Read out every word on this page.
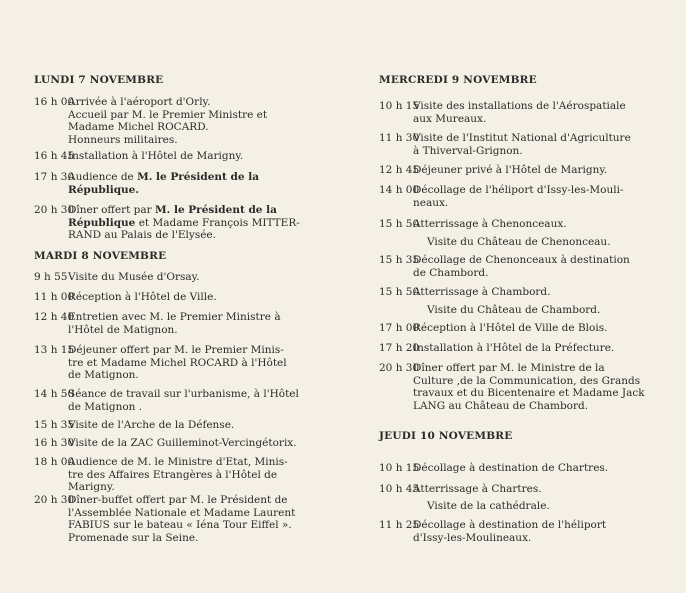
LUNDI 7 NOVEMBRE
16 h 00
Arrivée à l'aéroport d'Orly.
Accueil par M. le Premier Ministre et
Madame Michel ROCARD.
Honneurs militaires.
16 h 45
Installation à l'Hôtel de Marigny.
17 h 30
Audience de M. le Président de la
République.
20 h 30
Dîner offert par M. le Président de la
République et Madame François MITTER-
RAND au Palais de l'Elysée.
MARDI 8 NOVEMBRE
9 h 55 Visite du Musée d'Orsay.
11 h 00
Réception à l'Hôtel de Ville.
12 h 40
Entretien avec M. le Premier Ministre à
l'Hôtel de Matignon.
13 h 15
Déjeuner offert par M. le Premier Minis-
tre et Madame Michel ROCARD à l'Hôtel
de Matignon.
14 h 50
Séance de travail sur l'urbanisme, à l'Hôtel
de Matignon .
15 h 35
Visite de l'Arche de la Défense.
16 h 30
Visite de la ZAC Guilleminot-Vercingétorix.
18 h 00
Audience de M. le Ministre d'Etat, Minis-
tre des Affaires Etrangères à l'Hôtel de
Marigny.
20 h 30
Dîner-buffet offert par M. le Président de
l'Assemblée Nationale et Madame Laurent
FABIUS sur le bateau « Iéna Tour Eiffel ».
Promenade sur la Seine.
MERCREDI 9 NOVEMBRE
10 h 15
Visite des installations de l'Aérospatiale
aux Mureaux.
11 h 30
Visite de l'Institut National d'Agriculture
à Thiverval-Grignon.
12 h 45
Déjeuner privé à l'Hôtel de Marigny.
14 h 00
Décollage de l'héliport d'Issy-les-Mouli-
neaux.
15 h 50
Atterrissage à Chenonceaux.
Visite du Château de Chenonceau.
15 h 35
Décollage de Chenonceaux à destination
de Chambord.
15 h 50
Atterrissage à Chambord.
Visite du Château de Chambord.
17 h 00
Réception à l'Hôtel de Ville de Blois.
17 h 20
Installation à l'Hôtel de la Préfecture.
20 h 30
Dîner offert par M. le Ministre de la
Culture ,de la Communication, des Grands
travaux et du Bicentenaire et Madame Jack
LANG au Château de Chambord.
JEUDI 10 NOVEMBRE
10 h 15
Décollage à destination de Chartres.
10 h 45
Atterrissage à Chartres.
Visite de la cathédrale.
11 h 25
Décollage à destination de l'héliport
d'Issy-les-Moulineaux.
